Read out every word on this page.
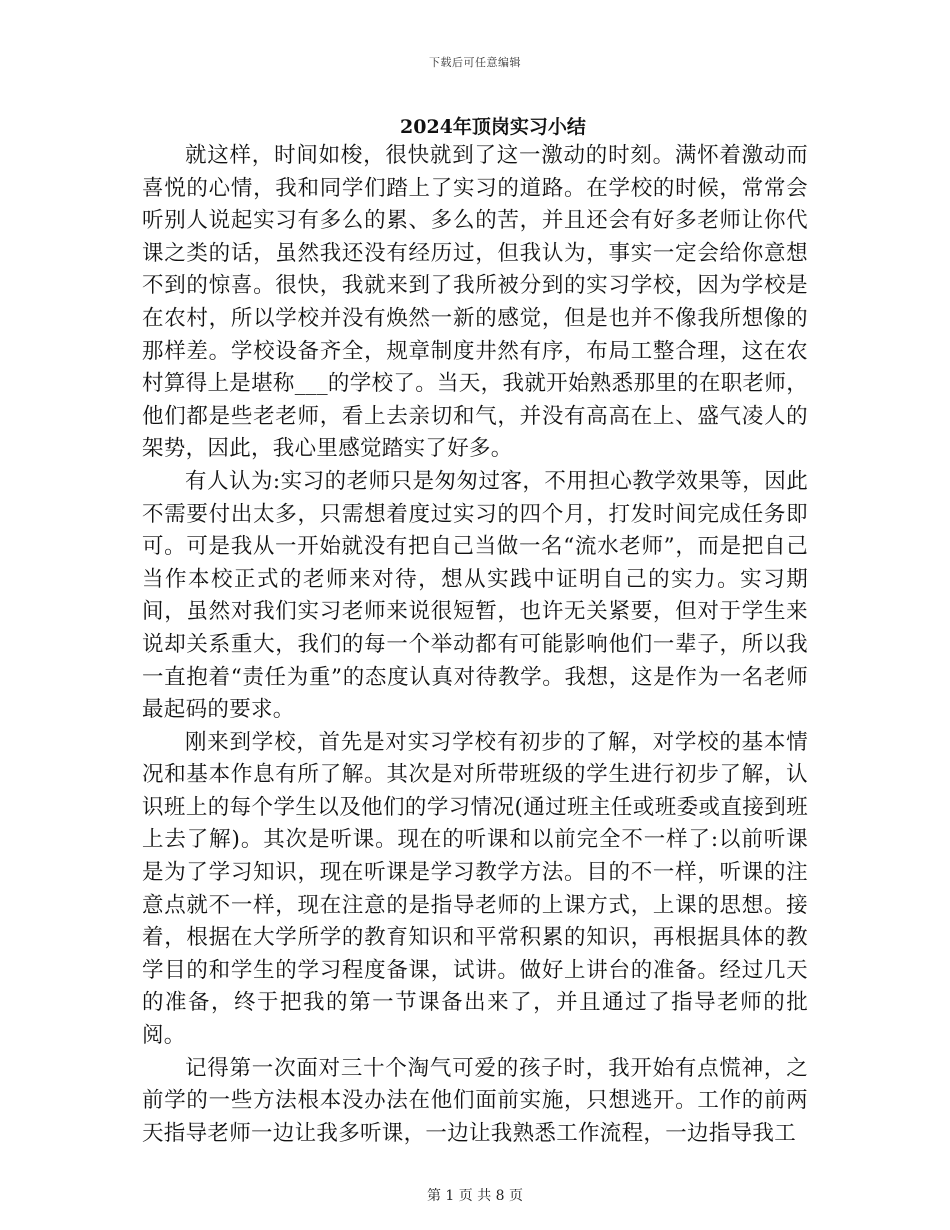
下载后可任意编辑
2024年顶岗实习小结

就这样，时间如梭，很快就到了这一激动的时刻。满怀着激动而喜悦的心情，我和同学们踏上了实习的道路。在学校的时候，常常会听别人说起实习有多么的累、多么的苦，并且还会有好多老师让你代课之类的话，虽然我还没有经历过，但我认为，事实一定会给你意想不到的惊喜。很快，我就来到了我所被分到的实习学校，因为学校是在农村，所以学校并没有焕然一新的感觉，但是也并不像我所想像的那样差。学校设备齐全，规章制度井然有序，布局工整合理，这在农村算得上是堪称___的学校了。当天，我就开始熟悉那里的在职老师，他们都是些老老师，看上去亲切和气，并没有高高在上、盛气凌人的架势，因此，我心里感觉踏实了好多。

有人认为:实习的老师只是匆匆过客，不用担心教学效果等，因此不需要付出太多，只需想着度过实习的四个月，打发时间完成任务即可。可是我从一开始就没有把自己当做一名“流水老师”，而是把自己当作本校正式的老师来对待，想从实践中证明自己的实力。实习期间，虽然对我们实习老师来说很短暂，也许无关紧要，但对于学生来说却关系重大，我们的每一个举动都有可能影响他们一辈子，所以我一直抱着“责任为重”的态度认真对待教学。我想，这是作为一名老师最起码的要求。

刚来到学校，首先是对实习学校有初步的了解，对学校的基本情况和基本作息有所了解。其次是对所带班级的学生进行初步了解，认识班上的每个学生以及他们的学习情况(通过班主任或班委或直接到班上去了解)。其次是听课。现在的听课和以前完全不一样了:以前听课是为了学习知识，现在听课是学习教学方法。目的不一样，听课的注意点就不一样，现在注意的是指导老师的上课方式，上课的思想。接着，根据在大学所学的教育知识和平常积累的知识，再根据具体的教学目的和学生的学习程度备课，试讲。做好上讲台的准备。经过几天的准备，终于把我的第一节课备出来了，并且通过了指导老师的批阅。

记得第一次面对三十个淘气可爱的孩子时，我开始有点慌神，之前学的一些方法根本没办法在他们面前实施，只想逃开。工作的前两天指导老师一边让我多听课，一边让我熟悉工作流程，一边指导我工

第 1 页 共 8 页
